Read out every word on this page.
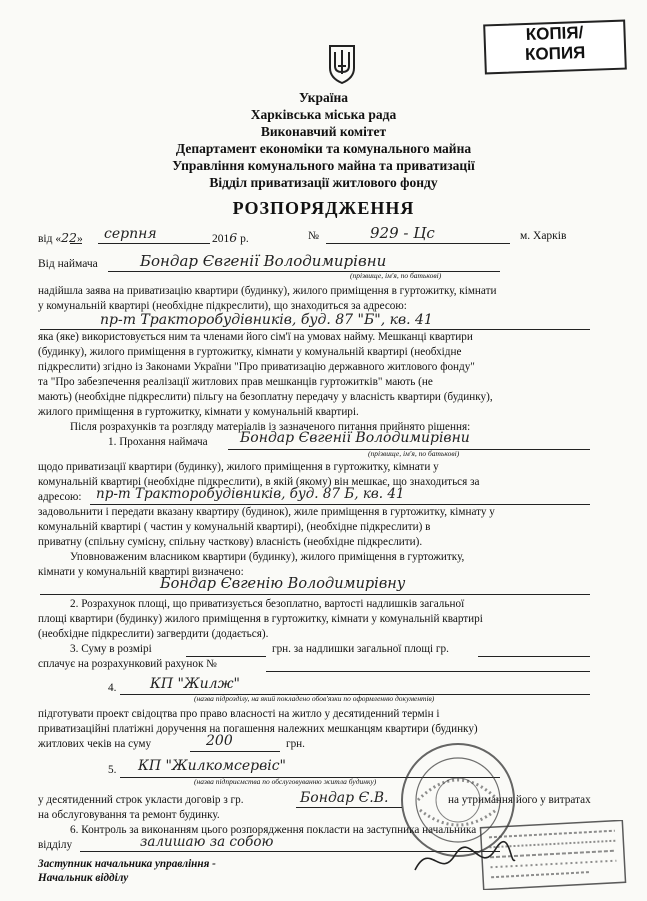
КОПІЯ/
КОПИЯ
Україна
Харківська міська рада
Виконавчий комітет
Департамент економіки та комунального майна
Управління комунального майна та приватизації
Відділ приватизації житлового фонду
РОЗПОРЯДЖЕННЯ
від «22» серпня	2016 р.	№	929 - Цс	м. Харків
Від наймача	Бондар Євгенії Володимирівни
(прізвище, ім'я, по батькові)
надійшла заява на приватизацію квартири (будинку), жилого приміщення в гуртожитку, кімнати
у комунальній квартирі (необхідне підкреслити), що знаходиться за адресою:
пр-т Тракторобудівників, буд. 87 "Б", кв. 41
яка (яке) використовується ним та членами його сім'ї на умовах найму. Мешканці квартири
(будинку), жилого приміщення в гуртожитку, кімнати у комунальній квартирі (необхідне
підкреслити) згідно із Законами України "Про приватизацію державного житлового фонду"
та "Про забезпечення реалізації житлових прав мешканців гуртожитків" мають (не
мають) (необхідне підкреслити) пільгу на безоплатну передачу у власність квартири (будинку),
жилого приміщення в гуртожитку, кімнати у комунальній квартирі.
Після розрахунків та розгляду матеріалів із зазначеного питання прийнято рішення:
1. Прохання наймача Бондар Євгенії Володимирівни
(прізвище, ім'я, по батькові)
щодо приватизації квартири (будинку), жилого приміщення в гуртожитку, кімнати у
комунальній квартирі (необхідне підкреслити), в якій (якому) він мешкає, що знаходиться за
адресою: пр-т Тракторобудівників, буд. 87 Б, кв. 41
задовольнити і передати вказану квартиру (будинок), жиле приміщення в гуртожитку, кімнату у
комунальній квартирі ( частин у комунальній квартирі), (необхідне підкреслити) в
приватну (спільну сумісну, спільну часткову) власність (необхідне підкреслити).
Уповноваженим власником квартири (будинку), жилого приміщення в гуртожитку,
кімнати у комунальній квартирі визначено:
Бондар Євгенію Володимирівну
2. Розрахунок площі, що приватизується безоплатно, вартості надлишків загальної
площі квартири (будинку) жилого приміщення в гуртожитку, кімнати у комунальній квартирі
(необхідне підкреслити) загвердити (додається).
3. Суму в розмірі	грн. за надлишки загальної площі гр.
сплачує на розрахунковий рахунок №
4. КП "Жилж"
(назва підрозділу, на який покладено обов'язки по оформленню документів)
підготувати проект свідоцтва про право власності на житло у десятиденний термін і
приватизаційні платіжні доручення на погашення належних мешканцям квартири (будинку)
житлових чеків на суму	200	грн.
5. КП "Жилкомсервіс"
(назва підприємства по обслуговуванню житла будинку)
у десятиденний строк укласти договір з гр.	Бондар Є.В.	на утримання його у витратах
на обслуговування та ремонт будинку.
6. Контроль за виконанням цього розпорядження покласти на заступника начальника
відділу	залишаю за собою
Заступник начальника управління -
Начальник відділу
